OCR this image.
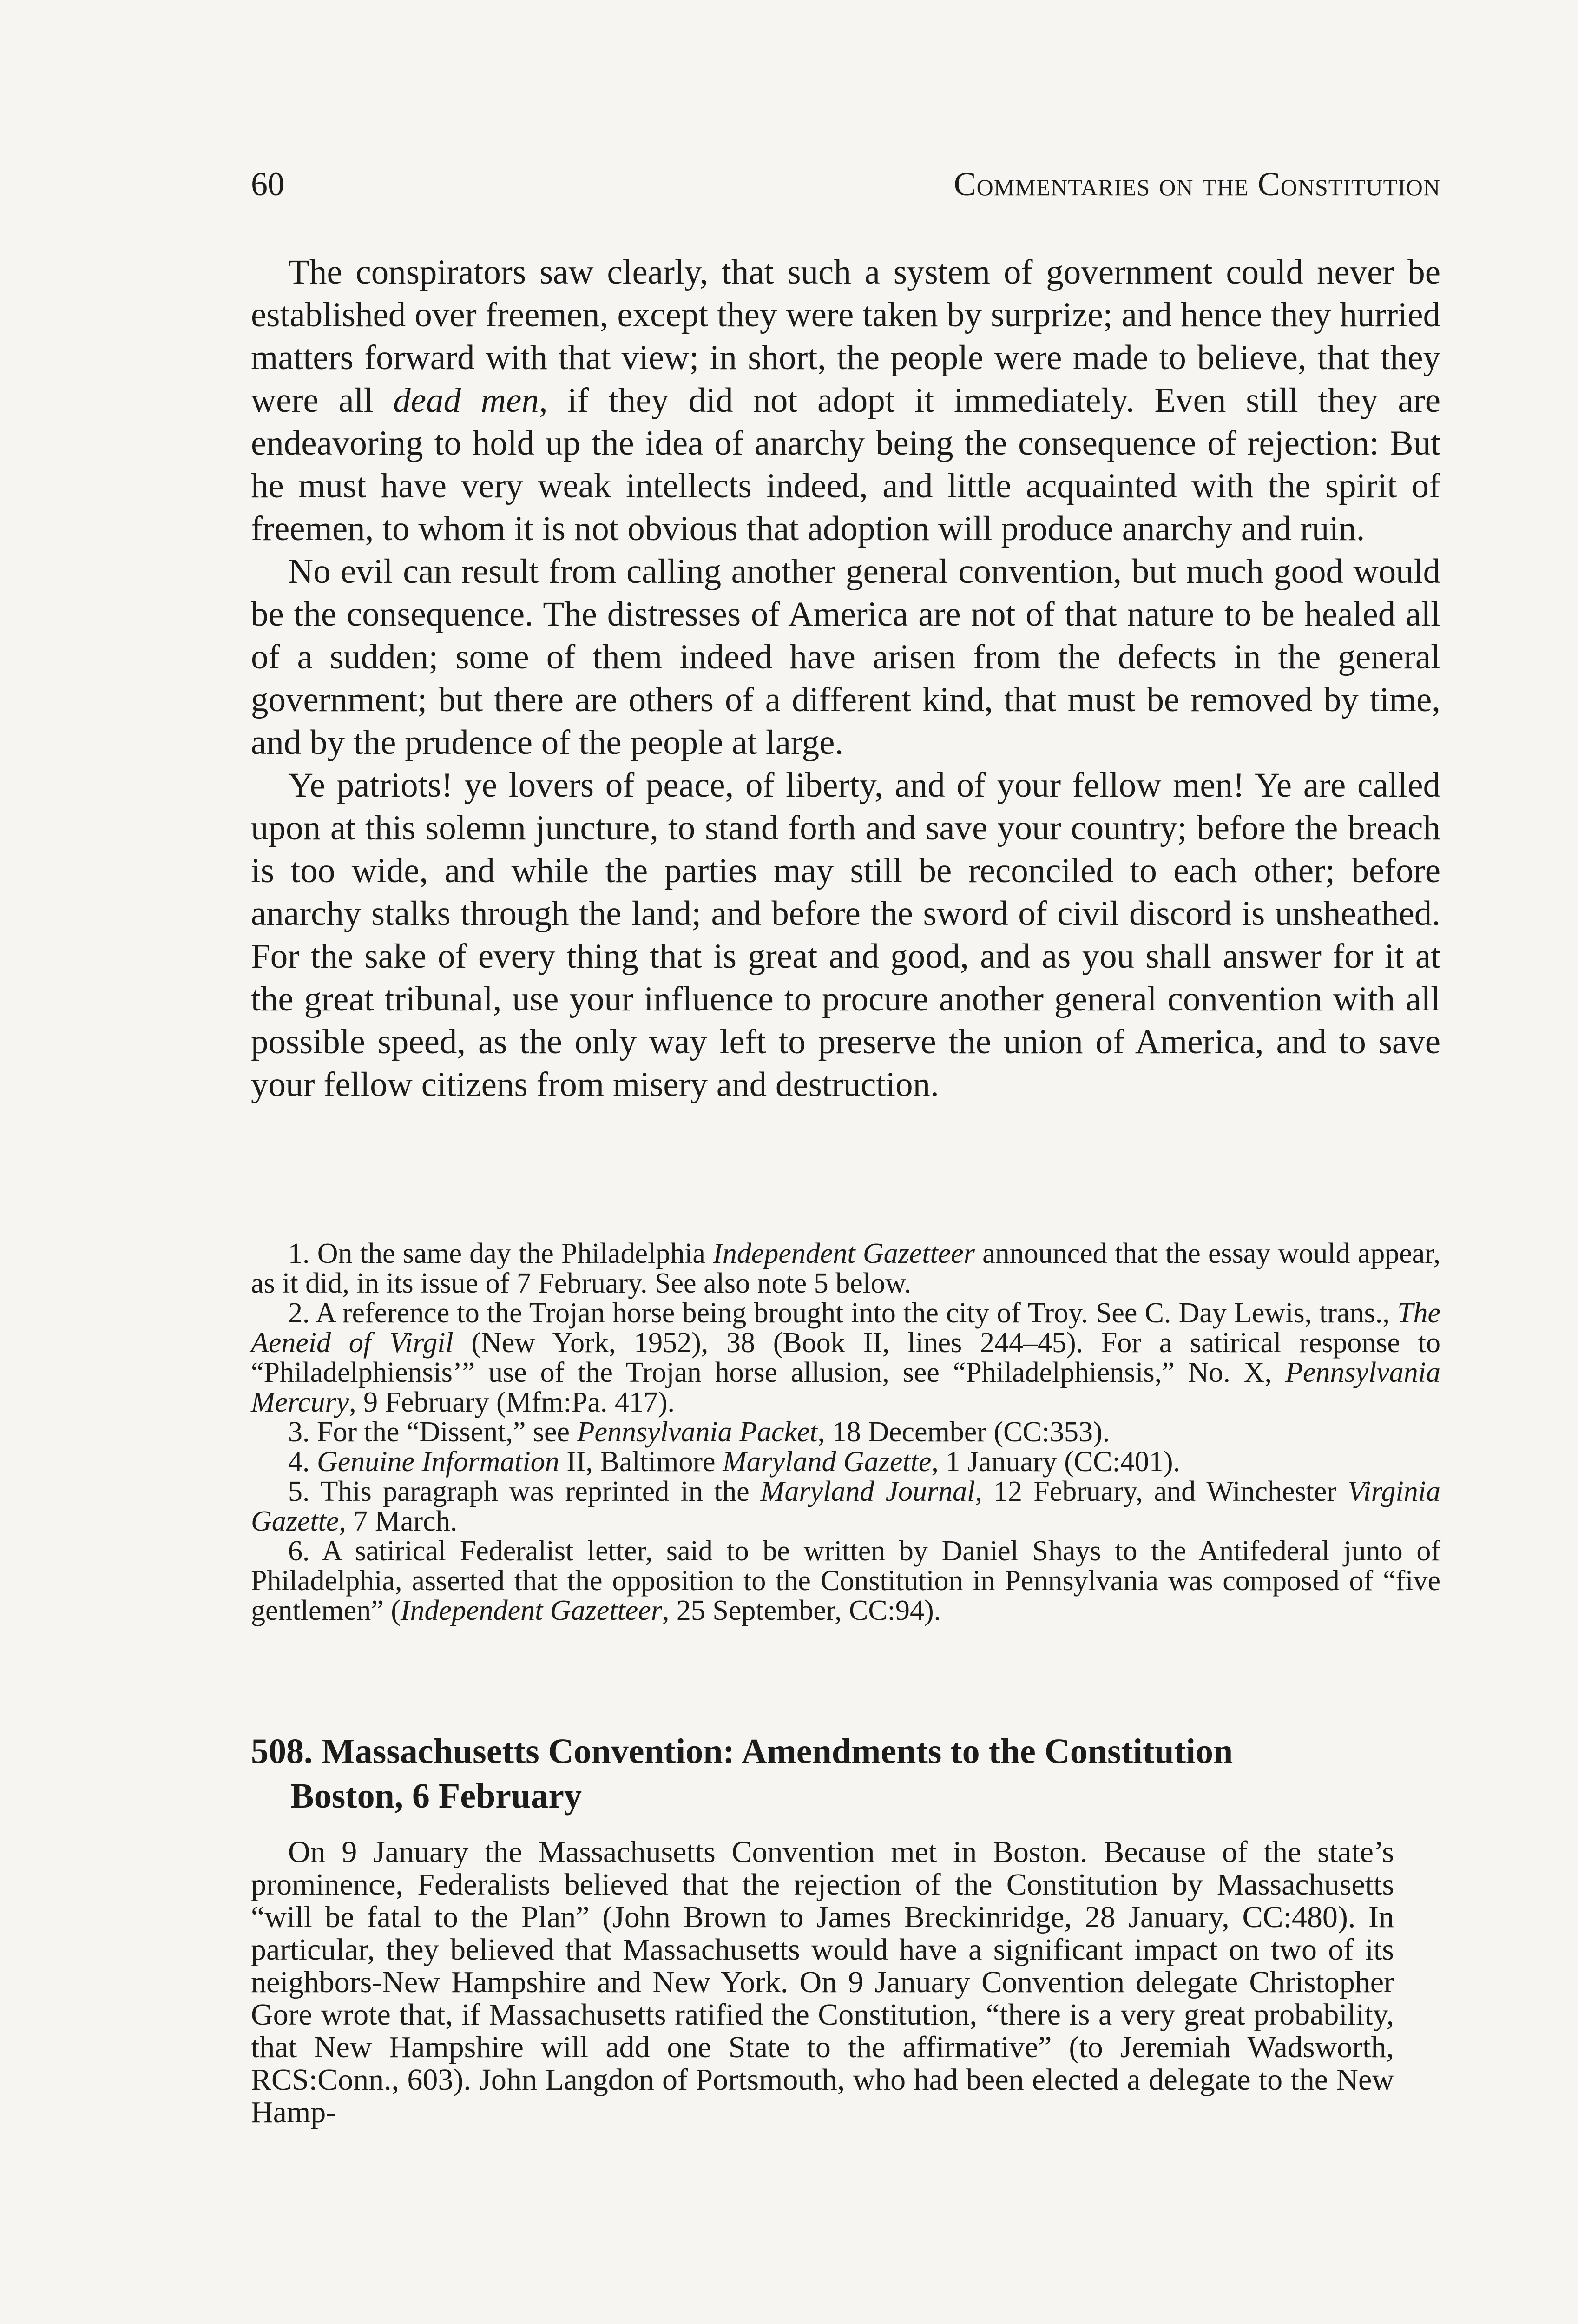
60	Commentaries on the Constitution

The conspirators saw clearly, that such a system of government could never be established over freemen, except they were taken by surprize; and hence they hurried matters forward with that view; in short, the people were made to believe, that they were all dead men, if they did not adopt it immediately. Even still they are endeavoring to hold up the idea of anarchy being the consequence of rejection: But he must have very weak intellects indeed, and little acquainted with the spirit of freemen, to whom it is not obvious that adoption will produce anarchy and ruin.

No evil can result from calling another general convention, but much good would be the consequence. The distresses of America are not of that nature to be healed all of a sudden; some of them indeed have arisen from the defects in the general government; but there are others of a different kind, that must be removed by time, and by the prudence of the people at large.

Ye patriots! ye lovers of peace, of liberty, and of your fellow men! Ye are called upon at this solemn juncture, to stand forth and save your country; before the breach is too wide, and while the parties may still be reconciled to each other; before anarchy stalks through the land; and before the sword of civil discord is unsheathed. For the sake of every thing that is great and good, and as you shall answer for it at the great tribunal, use your influence to procure another general convention with all possible speed, as the only way left to preserve the union of America, and to save your fellow citizens from misery and destruction.

1. On the same day the Philadelphia Independent Gazetteer announced that the essay would appear, as it did, in its issue of 7 February. See also note 5 below.

2. A reference to the Trojan horse being brought into the city of Troy. See C. Day Lewis, trans., The Aeneid of Virgil (New York, 1952), 38 (Book II, lines 244–45). For a satirical response to “Philadelphiensis’” use of the Trojan horse allusion, see “Philadelphiensis,” No. X, Pennsylvania Mercury, 9 February (Mfm:Pa. 417).

3. For the “Dissent,” see Pennsylvania Packet, 18 December (CC:353).

4. Genuine Information II, Baltimore Maryland Gazette, 1 January (CC:401).

5. This paragraph was reprinted in the Maryland Journal, 12 February, and Winchester Virginia Gazette, 7 March.

6. A satirical Federalist letter, said to be written by Daniel Shays to the Antifederal junto of Philadelphia, asserted that the opposition to the Constitution in Pennsylvania was composed of “five gentlemen” (Independent Gazetteer, 25 September, CC:94).

508. Massachusetts Convention: Amendments to the Constitution
Boston, 6 February

On 9 January the Massachusetts Convention met in Boston. Because of the state’s prominence, Federalists believed that the rejection of the Constitution by Massachusetts “will be fatal to the Plan” (John Brown to James Breckinridge, 28 January, CC:480). In particular, they believed that Massachusetts would have a significant impact on two of its neighbors-New Hampshire and New York. On 9 January Convention delegate Christopher Gore wrote that, if Massachusetts ratified the Constitution, “there is a very great probability, that New Hampshire will add one State to the affirmative” (to Jeremiah Wadsworth, RCS:Conn., 603). John Langdon of Portsmouth, who had been elected a delegate to the New Hamp-
